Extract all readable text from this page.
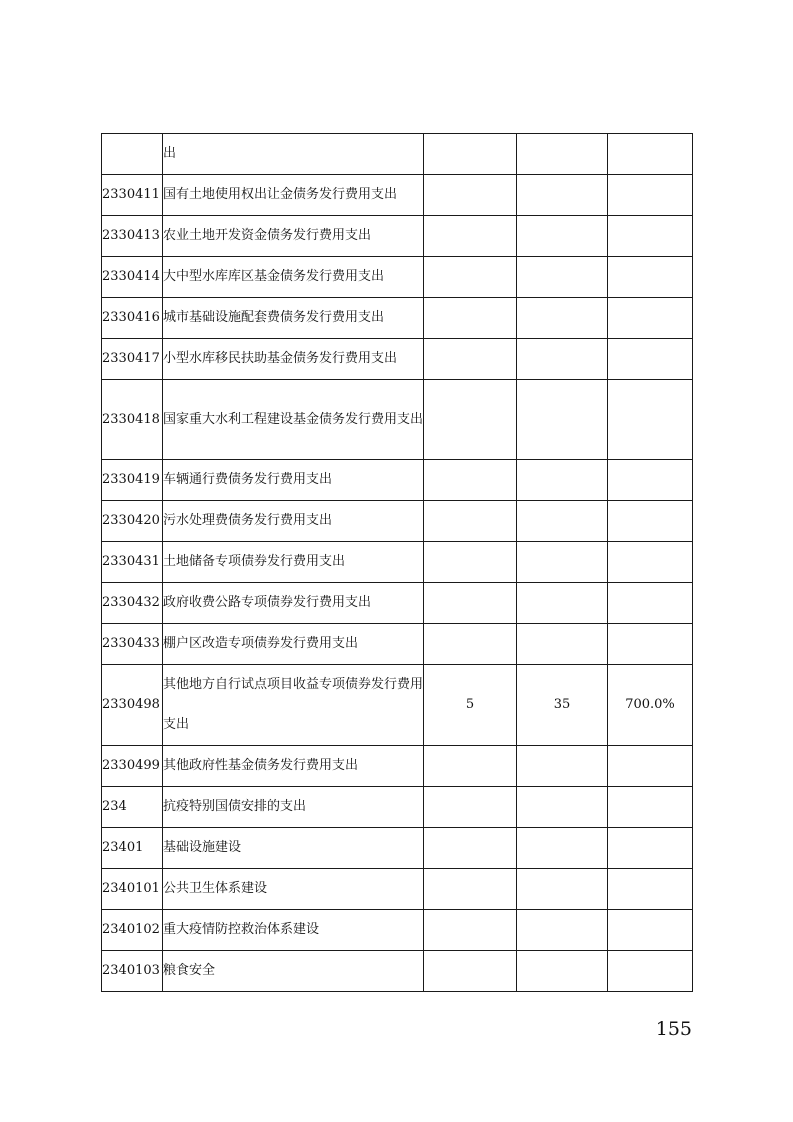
	出			
2330411	国有土地使用权出让金债务发行费用支出			
2330413	农业土地开发资金债务发行费用支出			
2330414	大中型水库库区基金债务发行费用支出			
2330416	城市基础设施配套费债务发行费用支出			
2330417	小型水库移民扶助基金债务发行费用支出			
2330418	国家重大水利工程建设基金债务发行费用支出			
2330419	车辆通行费债务发行费用支出			
2330420	污水处理费债务发行费用支出			
2330431	土地储备专项债券发行费用支出			
2330432	政府收费公路专项债券发行费用支出			
2330433	棚户区改造专项债券发行费用支出			
2330498	其他地方自行试点项目收益专项债券发行费用支出	5	35	700.0%
2330499	其他政府性基金债务发行费用支出			
234	抗疫特别国债安排的支出			
23401	基础设施建设			
2340101	公共卫生体系建设			
2340102	重大疫情防控救治体系建设			
2340103	粮食安全			
155
